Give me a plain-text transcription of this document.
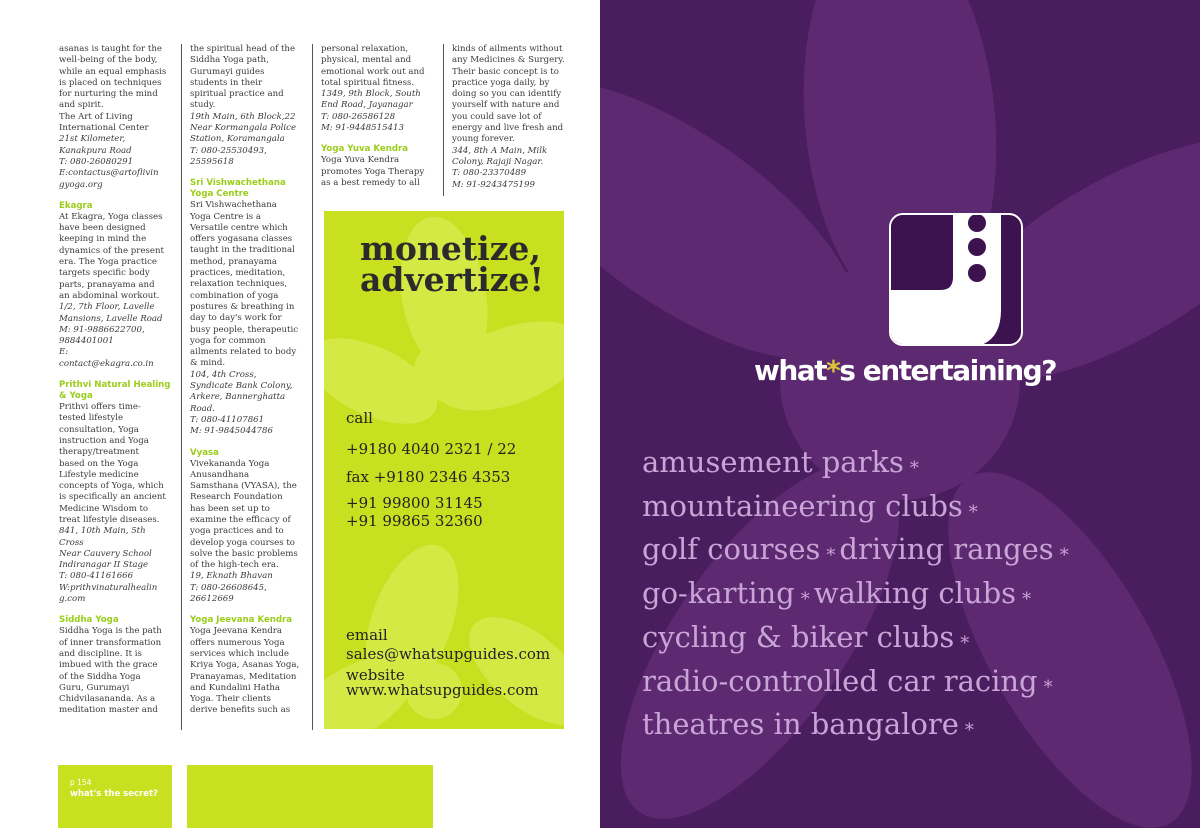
asanas is taught for the
well-being of the body,
while an equal emphasis
is placed on techniques
for nurturing the mind
and spirit.
The Art of Living
International Center
21st Kilometer,
Kanakpura Road
T: 080-26080291
E:contactus@artoflivin
gyoga.org
Ekagra
At Ekagra, Yoga classes
have been designed
keeping in mind the
dynamics of the present
era. The Yoga practice
targets specific body
parts, pranayama and
an abdominal workout.
1/2, 7th Floor, Lavelle
Mansions, Lavelle Road
M: 91-9886622700,
9884401001
E:
contact@ekagra.co.in
Prithvi Natural Healing & Yoga
Prithvi offers time-
tested lifestyle
consultation, Yoga
instruction and Yoga
therapy/treatment
based on the Yoga
Lifestyle medicine
concepts of Yoga, which
is specifically an ancient
Medicine Wisdom to
treat lifestyle diseases.
841, 10th Main, 5th
Cross
Near Cauvery School
Indiranagar II Stage
T: 080-41161666
W:prithvinaturalhealin
g.com
Siddha Yoga
Siddha Yoga is the path
of inner transformation
and discipline. It is
imbued with the grace
of the Siddha Yoga
Guru, Gurumayi
Chidvilasananda. As a
meditation master and
the spiritual head of the
Siddha Yoga path,
Gurumayi guides
students in their
spiritual practice and
study.
19th Main, 6th Block,22
Near Kormangala Police
Station, Koramangala
T: 080-25530493,
25595618
Sri Vishwachethana Yoga Centre
Sri Vishwachethana
Yoga Centre is a
Versatile centre which
offers yogasana classes
taught in the traditional
method, pranayama
practices, meditation,
relaxation techniques,
combination of yoga
postures & breathing in
day to day's work for
busy people, therapeutic
yoga for common
ailments related to body
& mind.
104, 4th Cross,
Syndicate Bank Colony,
Arkere, Bannerghatta
Road.
T: 080-41107861
M: 91-9845044786
Vyasa
Vivekananda Yoga
Anusandhana
Samsthana (VYASA), the
Research Foundation
has been set up to
examine the efficacy of
yoga practices and to
develop yoga courses to
solve the basic problems
of the high-tech era.
19, Eknath Bhavan
T: 080-26608645,
26612669
Yoga Jeevana Kendra
Yoga Jeevana Kendra
offers numerous Yoga
services which include
Kriya Yoga, Asanas Yoga,
Pranayamas, Meditation
and Kundalini Hatha
Yoga. Their clients
derive benefits such as
personal relaxation,
physical, mental and
emotional work out and
total spiritual fitness.
1349, 9th Block, South
End Road, Jayanagar
T: 080-26586128
M: 91-9448515413
Yoga Yuva Kendra
Yoga Yuva Kendra
promotes Yoga Therapy
as a best remedy to all
kinds of ailments without
any Medicines & Surgery.
Their basic concept is to
practice yoga daily, by
doing so you can identify
yourself with nature and
you could save lot of
energy and live fresh and
young forever.
344, 8th A Main, Milk
Colony, Rajaji Nagar.
T: 080-23370489
M: 91-9243475199
monetize,
advertize!
call
+9180 4040 2321 / 22
fax +9180 2346 4353
+91 99800 31145
+91 99865 32360
email
sales@whatsupguides.com
website
www.whatsupguides.com
p 154
what's the secret?
what*s entertaining?
amusement parks *
mountaineering clubs *
golf courses * driving ranges *
go-karting * walking clubs *
cycling & biker clubs *
radio-controlled car racing *
theatres in bangalore *
